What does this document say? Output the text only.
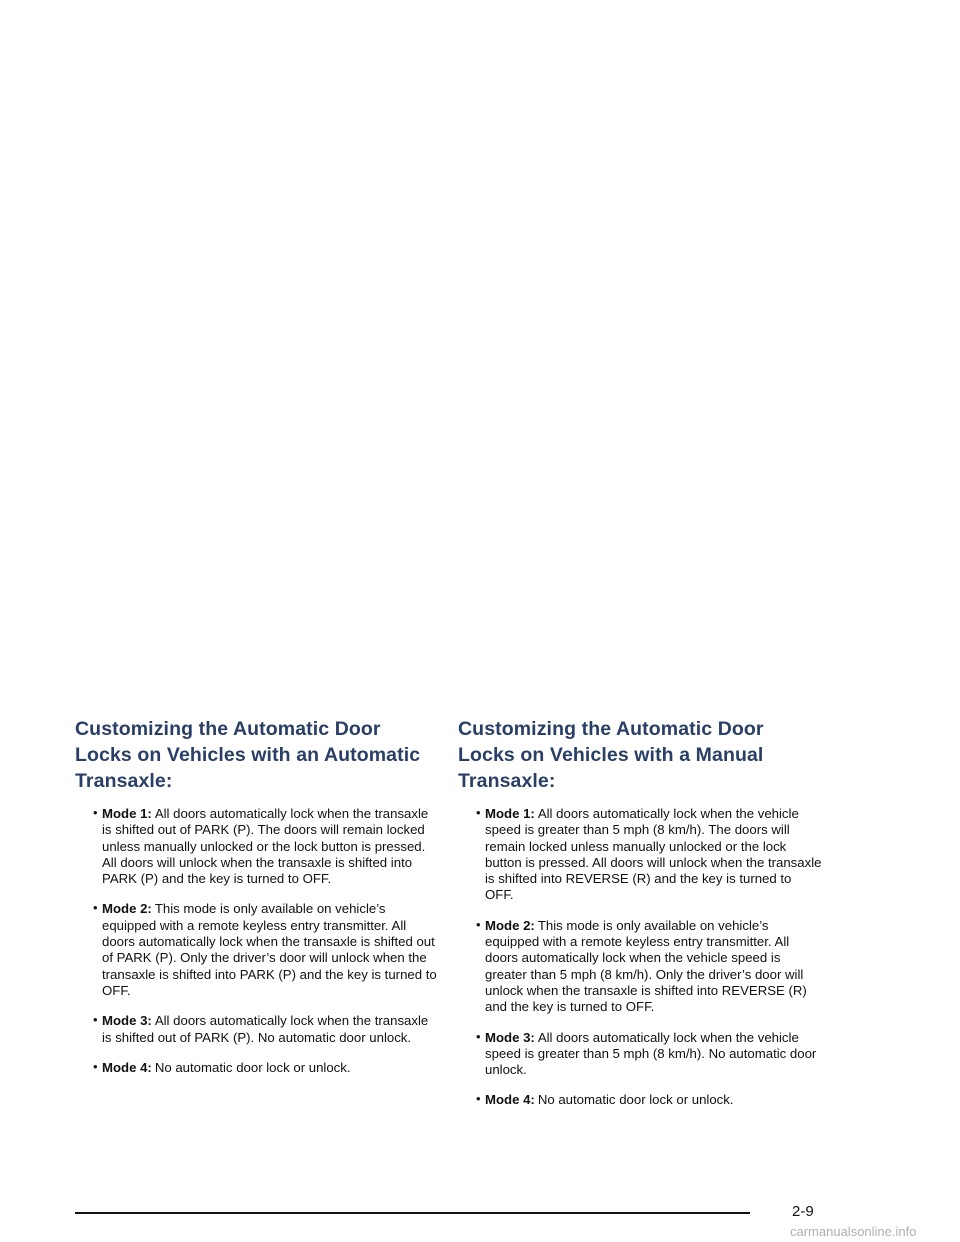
Customizing the Automatic Door Locks on Vehicles with an Automatic Transaxle:
• Mode 1: All doors automatically lock when the transaxle is shifted out of PARK (P). The doors will remain locked unless manually unlocked or the lock button is pressed. All doors will unlock when the transaxle is shifted into PARK (P) and the key is turned to OFF.
• Mode 2: This mode is only available on vehicle’s equipped with a remote keyless entry transmitter. All doors automatically lock when the transaxle is shifted out of PARK (P). Only the driver’s door will unlock when the transaxle is shifted into PARK (P) and the key is turned to OFF.
• Mode 3: All doors automatically lock when the transaxle is shifted out of PARK (P). No automatic door unlock.
• Mode 4: No automatic door lock or unlock.
Customizing the Automatic Door Locks on Vehicles with a Manual Transaxle:
• Mode 1: All doors automatically lock when the vehicle speed is greater than 5 mph (8 km/h). The doors will remain locked unless manually unlocked or the lock button is pressed. All doors will unlock when the transaxle is shifted into REVERSE (R) and the key is turned to OFF.
• Mode 2: This mode is only available on vehicle’s equipped with a remote keyless entry transmitter. All doors automatically lock when the vehicle speed is greater than 5 mph (8 km/h). Only the driver’s door will unlock when the transaxle is shifted into REVERSE (R) and the key is turned to OFF.
• Mode 3: All doors automatically lock when the vehicle speed is greater than 5 mph (8 km/h). No automatic door unlock.
• Mode 4: No automatic door lock or unlock.
2-9
carmanualsonline.info
